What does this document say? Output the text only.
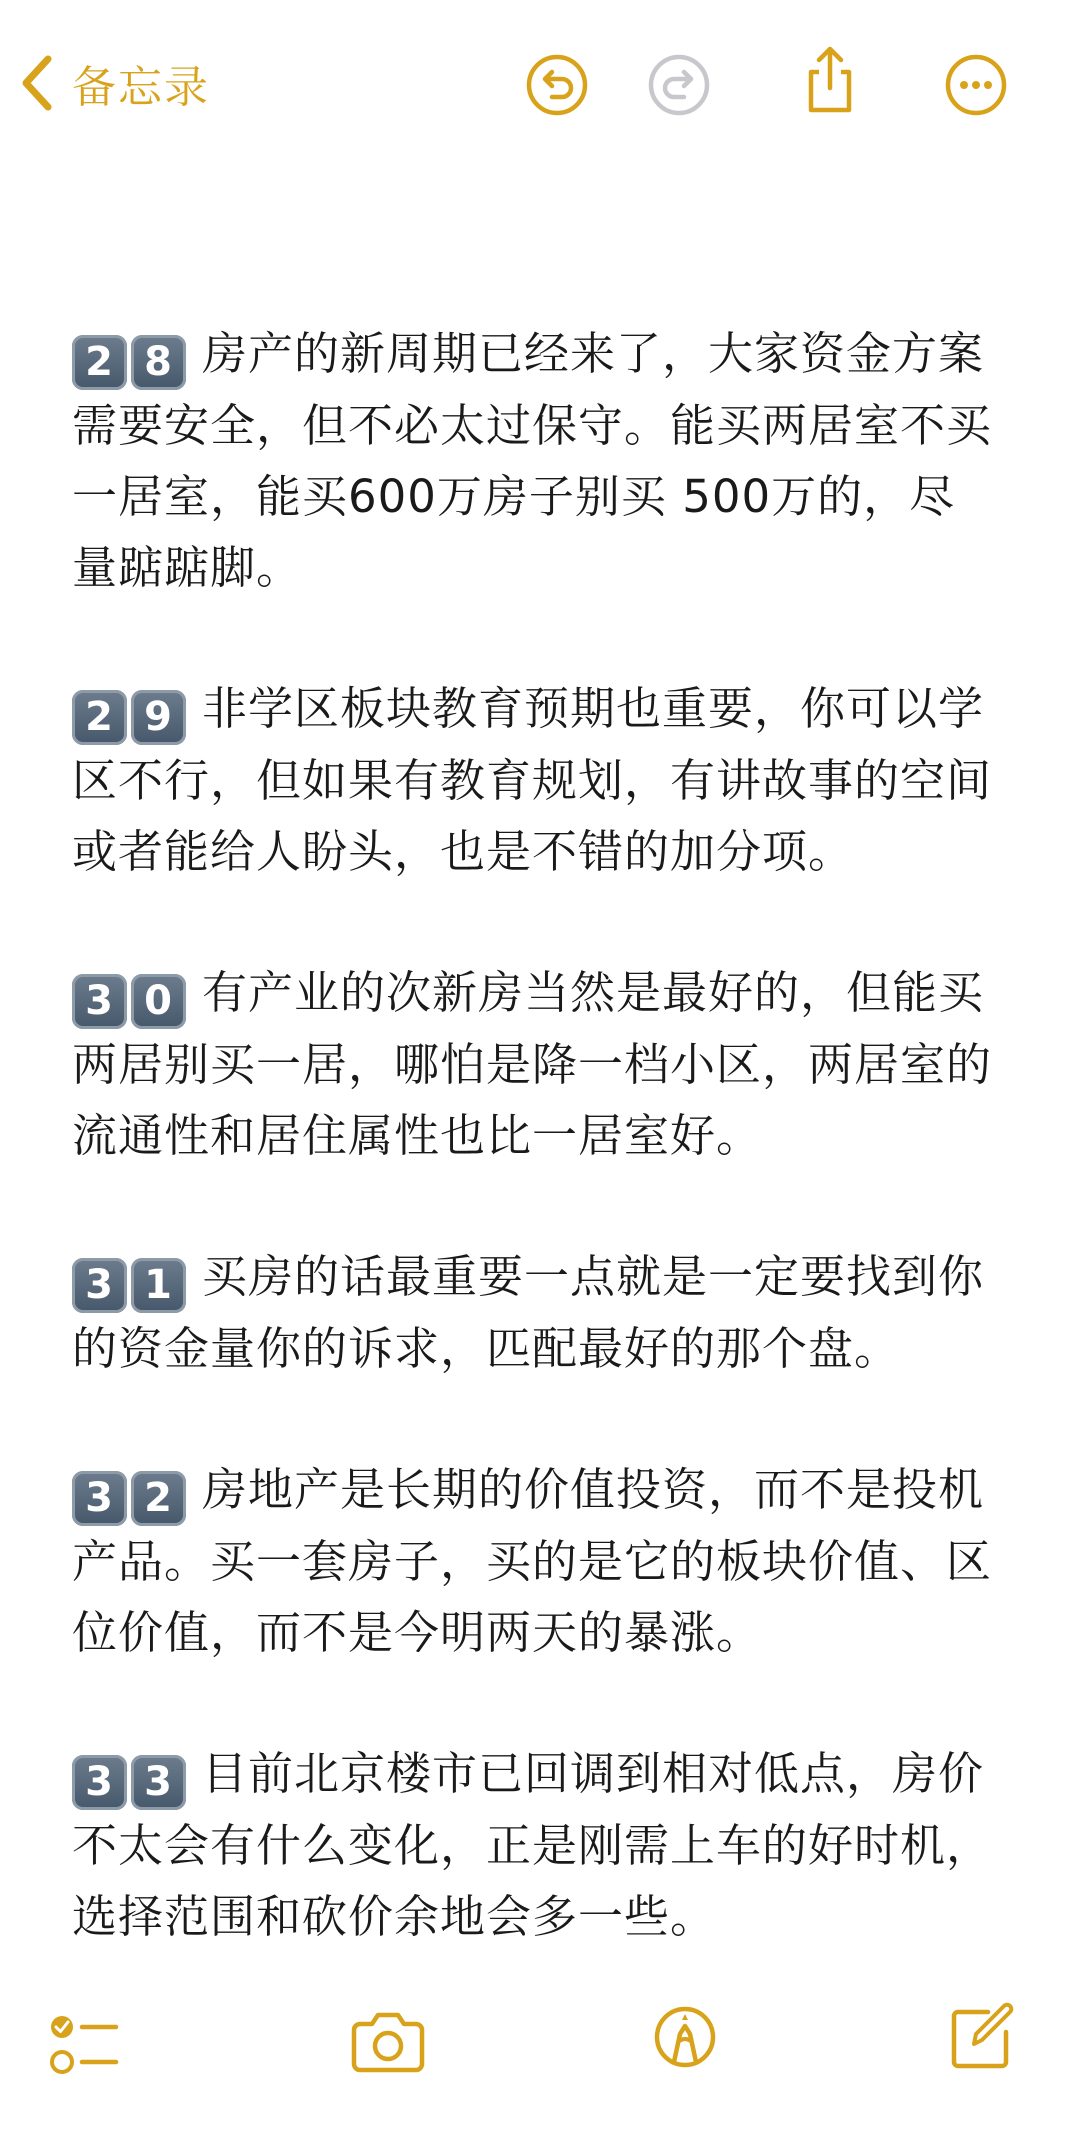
备忘录

2 8 房产的新周期已经来了，大家资金方案需要安全，但不必太过保守。能买两居室不买一居室，能买600万房子别买 500万的，尽量踮踮脚。

2 9 非学区板块教育预期也重要，你可以学区不行，但如果有教育规划，有讲故事的空间或者能给人盼头，也是不错的加分项。

3 0 有产业的次新房当然是最好的，但能买两居别买一居，哪怕是降一档小区，两居室的流通性和居住属性也比一居室好。

3 1 买房的话最重要一点就是一定要找到你的资金量你的诉求，匹配最好的那个盘。

3 2 房地产是长期的价值投资，而不是投机产品。买一套房子，买的是它的板块价值、区位价值，而不是今明两天的暴涨。

3 3 目前北京楼市已回调到相对低点，房价不太会有什么变化，正是刚需上车的好时机，选择范围和砍价余地会多一些。
